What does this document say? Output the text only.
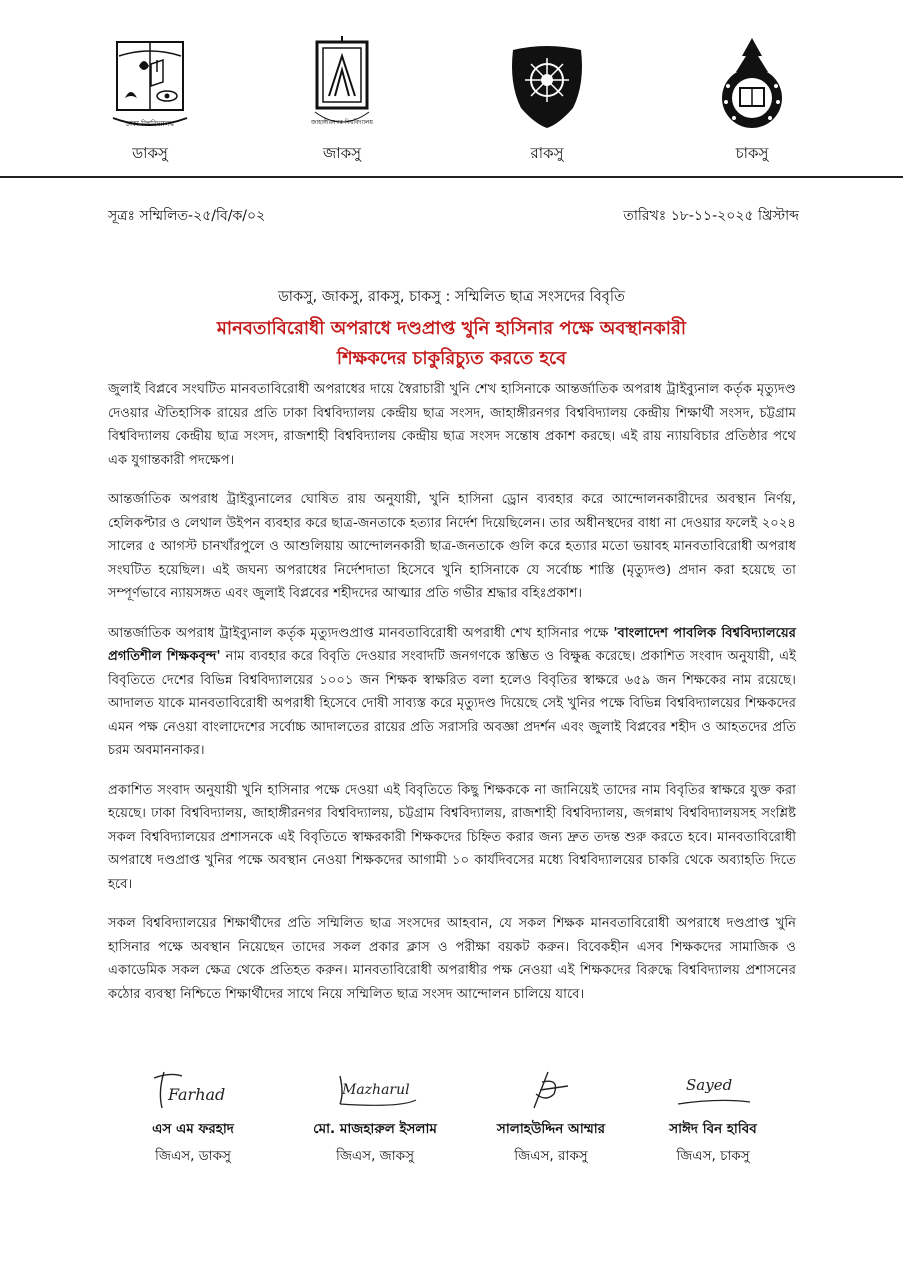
ঢাকা বিশ্ববিদ্যালয়
ডাকসু
জাহাঙ্গীরনগর বিশ্ববিদ্যালয়
জাকসু	রাকসু	চাকসু
সূত্রঃ সম্মিলিত-২৫/বি/ক/০২	তারিখঃ ১৮-১১-২০২৫ খ্রিস্টাব্দ
ডাকসু, জাকসু, রাকসু, চাকসু : সম্মিলিত ছাত্র সংসদের বিবৃতি
মানবতাবিরোধী অপরাধে দণ্ডপ্রাপ্ত খুনি হাসিনার পক্ষে অবস্থানকারী
শিক্ষকদের চাকুরিচ্যুত করতে হবে

জুলাই বিপ্লবে সংঘটিত মানবতাবিরোধী অপরাধের দায়ে স্বৈরাচারী খুনি শেখ হাসিনাকে আন্তর্জাতিক অপরাধ ট্রাইব্যুনাল কর্তৃক মৃত্যুদণ্ড দেওয়ার ঐতিহাসিক রায়ের প্রতি ঢাকা বিশ্ববিদ্যালয় কেন্দ্রীয় ছাত্র সংসদ, জাহাঙ্গীরনগর বিশ্ববিদ্যালয় কেন্দ্রীয় শিক্ষার্থী সংসদ, চট্টগ্রাম বিশ্ববিদ্যালয় কেন্দ্রীয় ছাত্র সংসদ, রাজশাহী বিশ্ববিদ্যালয় কেন্দ্রীয় ছাত্র সংসদ সন্তোষ প্রকাশ করছে। এই রায় ন্যায়বিচার প্রতিষ্ঠার পথে এক যুগান্তকারী পদক্ষেপ।

আন্তর্জাতিক অপরাধ ট্রাইব্যুনালের ঘোষিত রায় অনুযায়ী, খুনি হাসিনা ড্রোন ব্যবহার করে আন্দোলনকারীদের অবস্থান নির্ণয়, হেলিকপ্টার ও লেথাল উইপন ব্যবহার করে ছাত্র-জনতাকে হত্যার নির্দেশ দিয়েছিলেন। তার অধীনস্থদের বাধা না দেওয়ার ফলেই ২০২৪ সালের ৫ আগস্ট চানখাঁরপুলে ও আশুলিয়ায় আন্দোলনকারী ছাত্র-জনতাকে গুলি করে হত্যার মতো ভয়াবহ মানবতাবিরোধী অপরাধ সংঘটিত হয়েছিল। এই জঘন্য অপরাধের নির্দেশদাতা হিসেবে খুনি হাসিনাকে যে সর্বোচ্চ শাস্তি (মৃত্যুদণ্ড) প্রদান করা হয়েছে তা সম্পূর্ণভাবে ন্যায়সঙ্গত এবং জুলাই বিপ্লবের শহীদদের আত্মার প্রতি গভীর শ্রদ্ধার বহিঃপ্রকাশ।

আন্তর্জাতিক অপরাধ ট্রাইব্যুনাল কর্তৃক মৃত্যুদণ্ডপ্রাপ্ত মানবতাবিরোধী অপরাধী শেখ হাসিনার পক্ষে 'বাংলাদেশ পাবলিক বিশ্ববিদ্যালয়ের প্রগতিশীল শিক্ষকবৃন্দ' নাম ব্যবহার করে বিবৃতি দেওয়ার সংবাদটি জনগণকে স্তম্ভিত ও বিক্ষুব্ধ করেছে। প্রকাশিত সংবাদ অনুযায়ী, এই বিবৃতিতে দেশের বিভিন্ন বিশ্ববিদ্যালয়ের ১০০১ জন শিক্ষক স্বাক্ষরিত বলা হলেও বিবৃতির স্বাক্ষরে ৬৫৯ জন শিক্ষকের নাম রয়েছে। আদালত যাকে মানবতাবিরোধী অপরাধী হিসেবে দোষী সাব্যস্ত করে মৃত্যুদণ্ড দিয়েছে সেই খুনির পক্ষে বিভিন্ন বিশ্ববিদ্যালয়ের শিক্ষকদের এমন পক্ষ নেওয়া বাংলাদেশের সর্বোচ্চ আদালতের রায়ের প্রতি সরাসরি অবজ্ঞা প্রদর্শন এবং জুলাই বিপ্লবের শহীদ ও আহতদের প্রতি চরম অবমাননাকর।

প্রকাশিত সংবাদ অনুযায়ী খুনি হাসিনার পক্ষে দেওয়া এই বিবৃতিতে কিছু শিক্ষককে না জানিয়েই তাদের নাম বিবৃতির স্বাক্ষরে যুক্ত করা হয়েছে। ঢাকা বিশ্ববিদ্যালয়, জাহাঙ্গীরনগর বিশ্ববিদ্যালয়, চট্টগ্রাম বিশ্ববিদ্যালয়, রাজশাহী বিশ্ববিদ্যালয়, জগন্নাথ বিশ্ববিদ্যালয়সহ সংশ্লিষ্ট সকল বিশ্ববিদ্যালয়ের প্রশাসনকে এই বিবৃতিতে স্বাক্ষরকারী শিক্ষকদের চিহ্নিত করার জন্য দ্রুত তদন্ত শুরু করতে হবে। মানবতাবিরোধী অপরাধে দণ্ডপ্রাপ্ত খুনির পক্ষে অবস্থান নেওয়া শিক্ষকদের আগামী ১০ কার্যদিবসের মধ্যে বিশ্ববিদ্যালয়ের চাকরি থেকে অব্যাহতি দিতে হবে।

সকল বিশ্ববিদ্যালয়ের শিক্ষার্থীদের প্রতি সম্মিলিত ছাত্র সংসদের আহবান, যে সকল শিক্ষক মানবতাবিরোধী অপরাধে দণ্ডপ্রাপ্ত খুনি হাসিনার পক্ষে অবস্থান নিয়েছেন তাদের সকল প্রকার ক্লাস ও পরীক্ষা বয়কট করুন। বিবেকহীন এসব শিক্ষকদের সামাজিক ও একাডেমিক সকল ক্ষেত্র থেকে প্রতিহত করুন। মানবতাবিরোধী অপরাধীর পক্ষ নেওয়া এই শিক্ষকদের বিরুদ্ধে বিশ্ববিদ্যালয় প্রশাসনের কঠোর ব্যবস্থা নিশ্চিতে শিক্ষার্থীদের সাথে নিয়ে সম্মিলিত ছাত্র সংসদ আন্দোলন চালিয়ে যাবে।

Farhad
এস এম ফরহাদ
জিএস, ডাকসু
Mazharul
মো. মাজহারুল ইসলাম
জিএস, জাকসু
সালাহউদ্দিন আম্মার
জিএস, রাকসু
Sayed
সাঈদ বিন হাবিব
জিএস, চাকসু
